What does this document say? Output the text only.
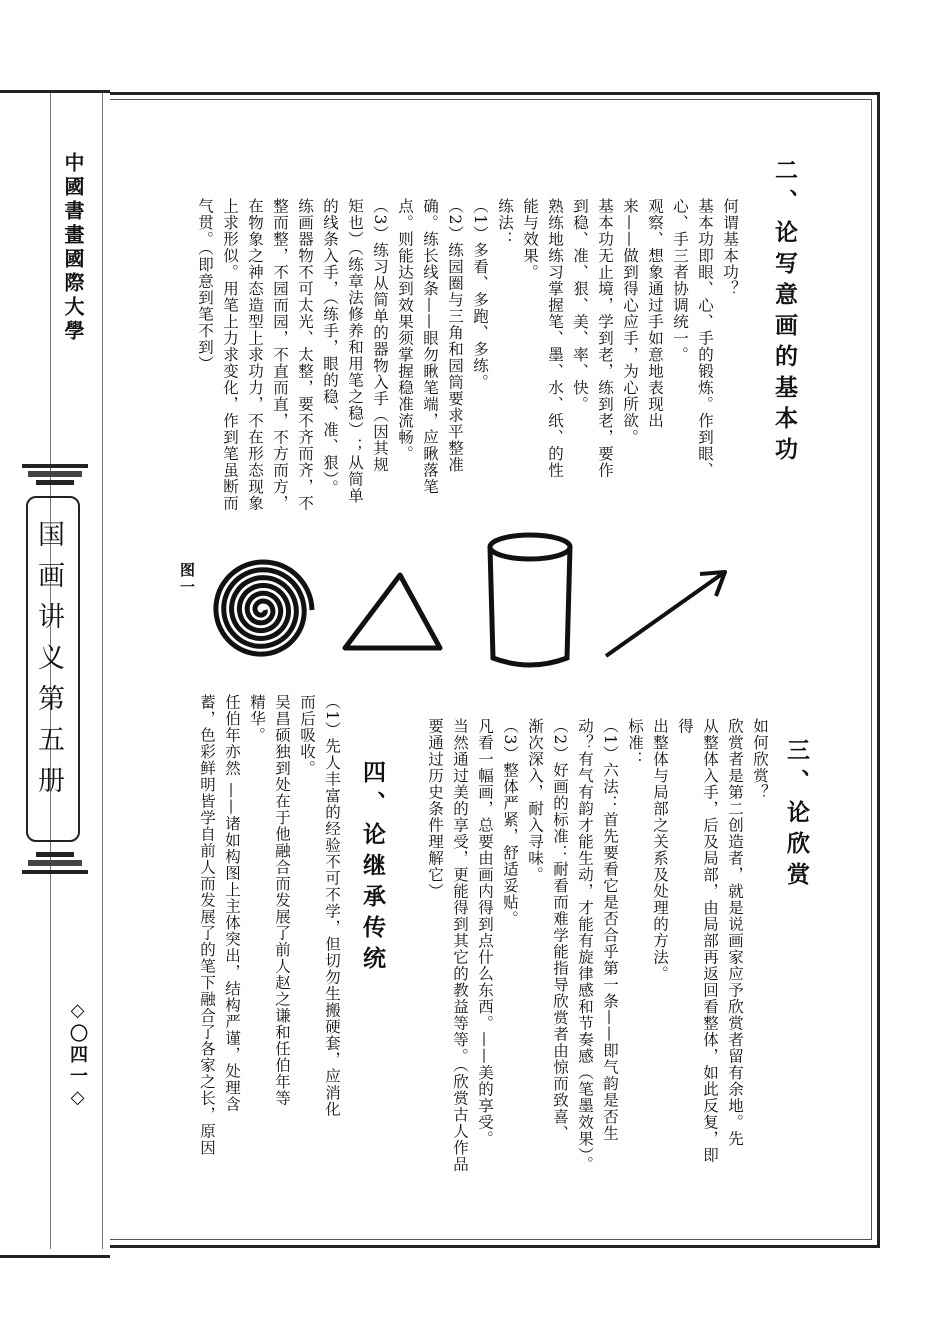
中國書畫國際大學
国画讲义第五册
◇〇四一◇
二、论写意画的基本功
何谓基本功？
基本功即眼、心、手的锻炼。作到眼、
心、手三者协调统一。
观察、想象通过手如意地表现出
来——做到得心应手，为心所欲。
基本功无止境，学到老，练到老，要作
到稳、准、狠、美、率、快。
熟练地练习掌握笔、墨、水、纸、的性
能与效果。
练法：
（1）多看、多跑、多练。
（2）练园圈与三角和园筒要求平整准
确。练长线条——眼勿瞅笔端，应瞅落笔
点。则能达到效果须掌握稳准流畅。
（3）练习从简单的器物入手（因其规
矩也）（练章法修养和用笔之稳）；从简单
的线条入手，（练手，眼的稳、准、狠）。
练画器物不可太光、太整，要不齐而齐，不
整而整，不园而园，不直而直，不方而方，
在物象之神态造型上求功力，不在形态现象
上求形似。用笔上力求变化，作到笔虽断而
气贯。（即意到笔不到）
图一
三、论欣赏
如何欣赏？
欣赏者是第二创造者，就是说画家应予欣赏者留有余地。先
从整体入手，后及局部，由局部再返回看整体，如此反复，即得
出整体与局部之关系及处理的方法。
标准：
（1）六法：首先要看它是否合乎第一条——即气韵是否生
动？有气有韵才能生动，才能有旋律感和节奏感（笔墨效果）。
（2）好画的标准：耐看而难学能指导欣赏者由惊而致喜、
渐次深入，耐入寻味。
（3）整体严紧，舒适妥贴。
凡看一幅画，总要由画内得到点什么东西。——美的享受。
当然通过美的享受，更能得到其它的教益等等。（欣赏古人作品
要通过历史条件理解它）
四、论继承传统
（1）先人丰富的经验不可不学，但切勿生搬硬套，应消化
而后吸收。
吴昌硕独到处在于他融合而发展了前人赵之谦和任伯年等
精华。
任伯年亦然 ——诸如构图上主体突出，结构严谨，处理含
蓄，色彩鲜明皆学自前人而发展了的笔下融合了各家之长，原因
